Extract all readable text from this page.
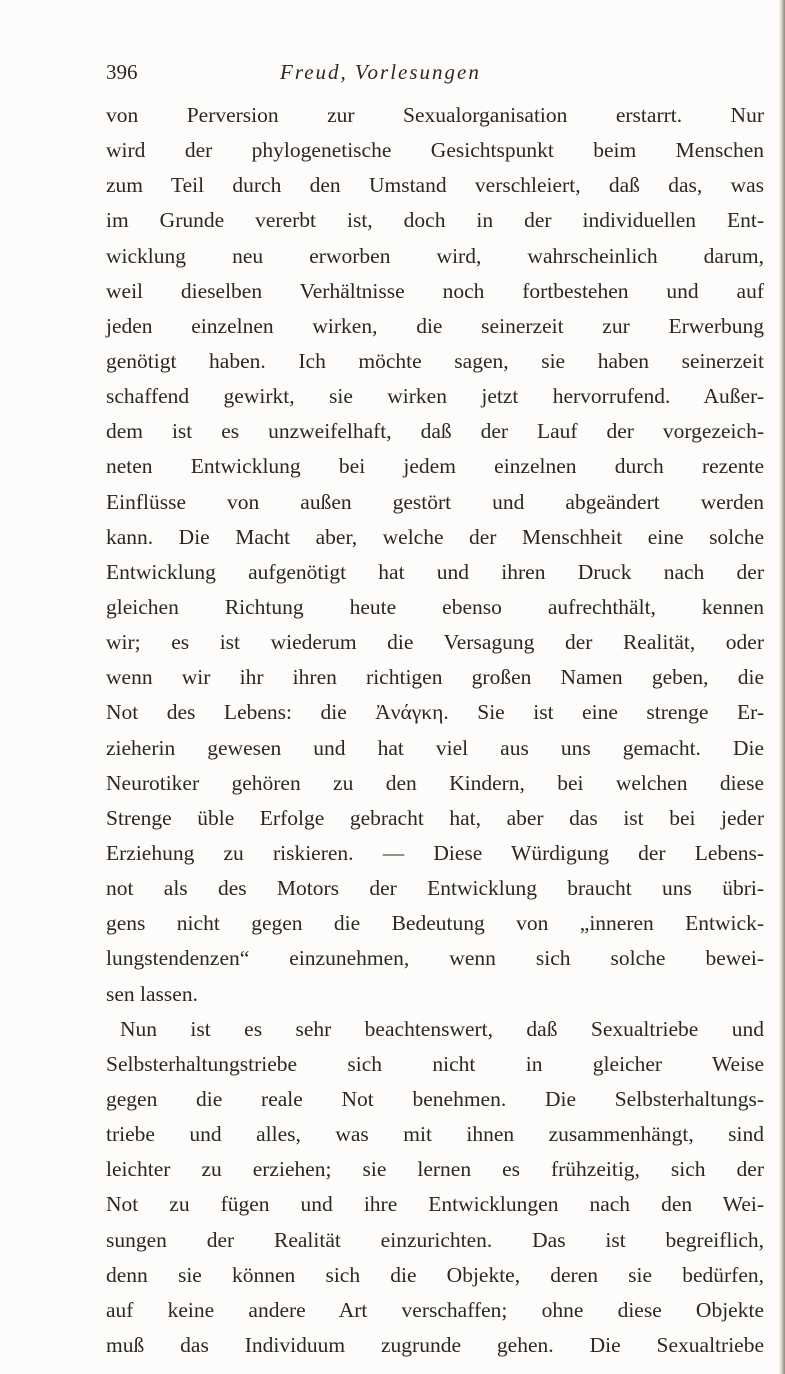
396	Freud, Vorlesungen
von Perversion zur Sexualorganisation erstarrt. Nur
wird der phylogenetische Gesichtspunkt beim Menschen
zum Teil durch den Umstand verschleiert, daß das, was
im Grunde vererbt ist, doch in der individuellen Ent-
wicklung neu erworben wird, wahrscheinlich darum,
weil dieselben Verhältnisse noch fortbestehen und auf
jeden einzelnen wirken, die seinerzeit zur Erwerbung
genötigt haben. Ich möchte sagen, sie haben seinerzeit
schaffend gewirkt, sie wirken jetzt hervorrufend. Außer-
dem ist es unzweifelhaft, daß der Lauf der vorgezeich-
neten Entwicklung bei jedem einzelnen durch rezente
Einflüsse von außen gestört und abgeändert werden
kann. Die Macht aber, welche der Menschheit eine solche
Entwicklung aufgenötigt hat und ihren Druck nach der
gleichen Richtung heute ebenso aufrechthält, kennen
wir; es ist wiederum die Versagung der Realität, oder
wenn wir ihr ihren richtigen großen Namen geben, die
Not des Lebens: die Ἀνάγκη. Sie ist eine strenge Er-
zieherin gewesen und hat viel aus uns gemacht. Die
Neurotiker gehören zu den Kindern, bei welchen diese
Strenge üble Erfolge gebracht hat, aber das ist bei jeder
Erziehung zu riskieren. — Diese Würdigung der Lebens-
not als des Motors der Entwicklung braucht uns übri-
gens nicht gegen die Bedeutung von „inneren Entwick-
lungstendenzen“ einzunehmen, wenn sich solche bewei-
sen lassen.
Nun ist es sehr beachtenswert, daß Sexualtriebe und
Selbsterhaltungstriebe sich nicht in gleicher Weise
gegen die reale Not benehmen. Die Selbsterhaltungs-
triebe und alles, was mit ihnen zusammenhängt, sind
leichter zu erziehen; sie lernen es frühzeitig, sich der
Not zu fügen und ihre Entwicklungen nach den Wei-
sungen der Realität einzurichten. Das ist begreiflich,
denn sie können sich die Objekte, deren sie bedürfen,
auf keine andere Art verschaffen; ohne diese Objekte
muß das Individuum zugrunde gehen. Die Sexualtriebe
